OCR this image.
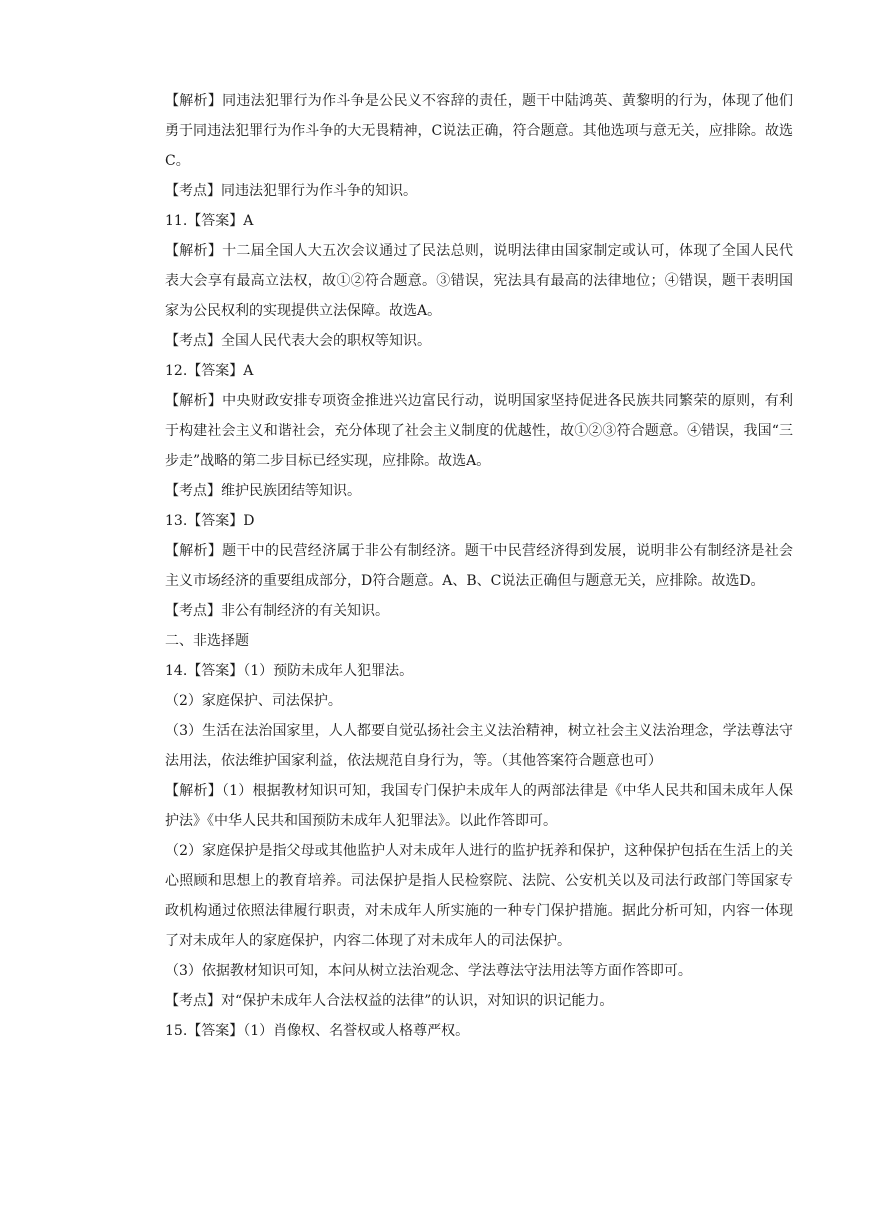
【解析】同违法犯罪行为作斗争是公民义不容辞的责任，题干中陆鸿英、黄黎明的行为，体现了他们勇于同违法犯罪行为作斗争的大无畏精神，C说法正确，符合题意。其他选项与意无关，应排除。故选C。

【考点】同违法犯罪行为作斗争的知识。

11.【答案】A

【解析】十二届全国人大五次会议通过了民法总则，说明法律由国家制定或认可，体现了全国人民代表大会享有最高立法权，故①②符合题意。③错误，宪法具有最高的法律地位；④错误，题干表明国家为公民权利的实现提供立法保障。故选A。

【考点】全国人民代表大会的职权等知识。

12.【答案】A

【解析】中央财政安排专项资金推进兴边富民行动，说明国家坚持促进各民族共同繁荣的原则，有利于构建社会主义和谐社会，充分体现了社会主义制度的优越性，故①②③符合题意。④错误，我国“三步走”战略的第二步目标已经实现，应排除。故选A。

【考点】维护民族团结等知识。

13.【答案】D

【解析】题干中的民营经济属于非公有制经济。题干中民营经济得到发展，说明非公有制经济是社会主义市场经济的重要组成部分，D符合题意。A、B、C说法正确但与题意无关，应排除。故选D。

【考点】非公有制经济的有关知识。

二、非选择题

14.【答案】（1）预防未成年人犯罪法。

（2）家庭保护、司法保护。

（3）生活在法治国家里，人人都要自觉弘扬社会主义法治精神，树立社会主义法治理念，学法尊法守法用法，依法维护国家利益，依法规范自身行为，等。（其他答案符合题意也可）

【解析】（1）根据教材知识可知，我国专门保护未成年人的两部法律是《中华人民共和国未成年人保护法》《中华人民共和国预防未成年人犯罪法》。以此作答即可。

（2）家庭保护是指父母或其他监护人对未成年人进行的监护抚养和保护，这种保护包括在生活上的关心照顾和思想上的教育培养。司法保护是指人民检察院、法院、公安机关以及司法行政部门等国家专政机构通过依照法律履行职责，对未成年人所实施的一种专门保护措施。据此分析可知，内容一体现了对未成年人的家庭保护，内容二体现了对未成年人的司法保护。

（3）依据教材知识可知，本问从树立法治观念、学法尊法守法用法等方面作答即可。

【考点】对“保护未成年人合法权益的法律”的认识，对知识的识记能力。

15.【答案】（1）肖像权、名誉权或人格尊严权。
